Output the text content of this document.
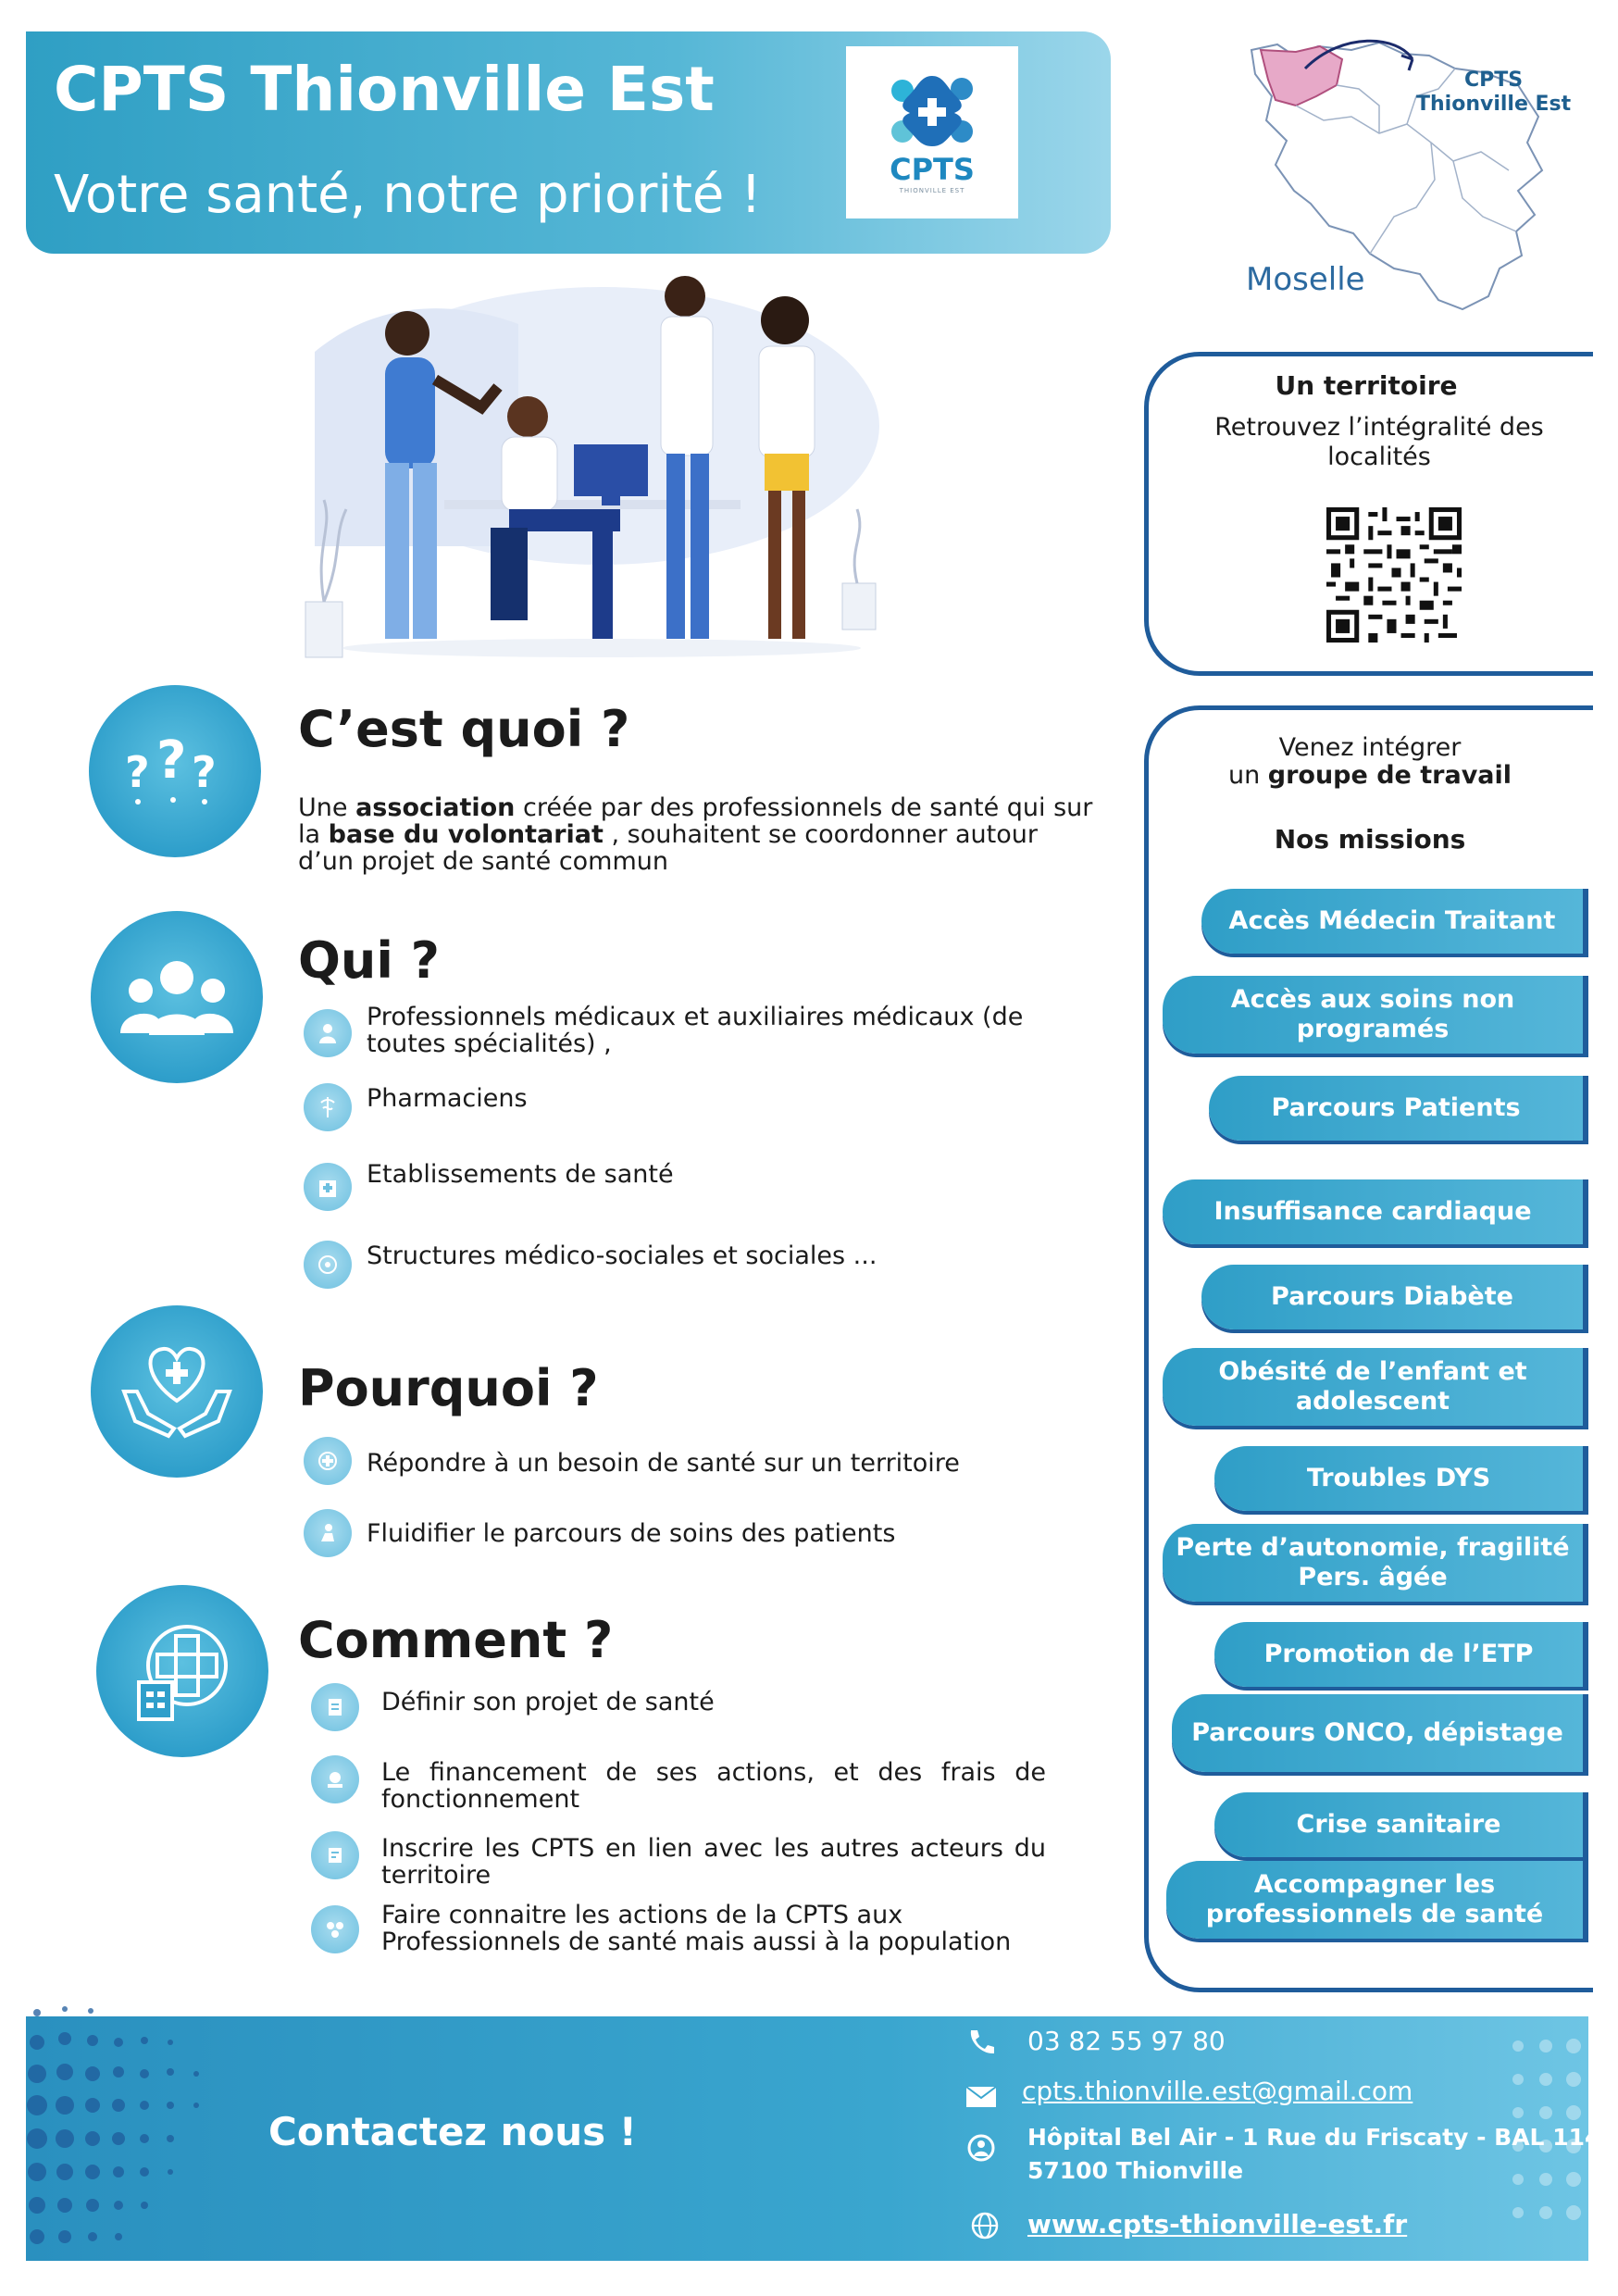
CPTS Thionville Est
Votre santé, notre priorité !	CPTS
THIONVILLE EST
CPTS
Thionville Est
Moselle
Un territoire
Retrouvez l’intégralité des localités
Venez intégrer
un groupe de travail
Nos missions
Accès Médecin Traitant
Accès aux soins non programés
Parcours Patients
Insuffisance cardiaque
Parcours Diabète
Obésité de l’enfant et adolescent
Troubles DYS
Perte d’autonomie, fragilité Pers. âgée
Promotion de l’ETP
Parcours ONCO, dépistage
Crise sanitaire
Accompagner les professionnels de santé
? ? ?
C’est quoi ?
Une association créée par des professionnels de santé qui sur la base du volontariat , souhaitent se coordonner autour d’un projet de santé commun
Qui ?
Professionnels médicaux et auxiliaires médicaux (de toutes spécialités) ,
Pharmaciens
Etablissements de santé
Structures médico-sociales et sociales ...
Pourquoi ?
Répondre à un besoin de santé sur un territoire
Fluidifier le parcours de soins des patients
Comment ?
Définir son projet de santé
Le financement de ses actions, et des frais de fonctionnement
Inscrire les CPTS en lien avec les autres acteurs du territoire
Faire connaitre les actions de la CPTS aux Professionnels de santé mais aussi à la population
Contactez nous !
03 82 55 97 80
cpts.thionville.est@gmail.com
Hôpital Bel Air - 1 Rue du Friscaty - BAL 114,
57100 Thionville
www.cpts-thionville-est.fr
